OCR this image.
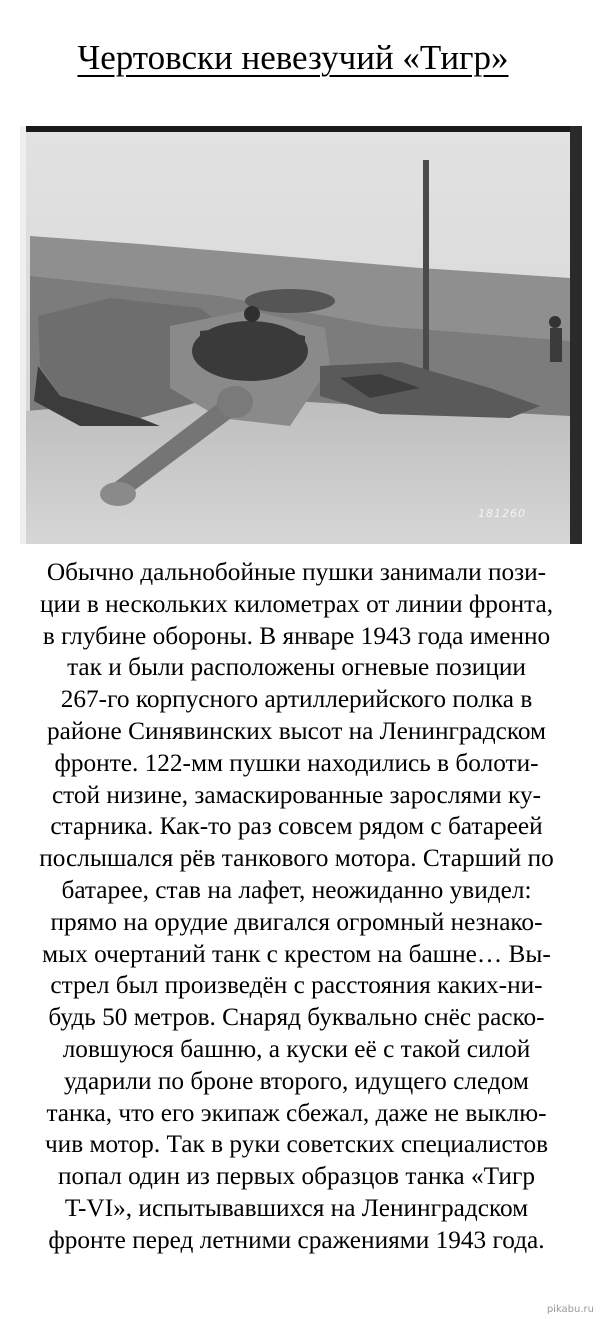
Чертовски невезучий «Тигр»
181260

Обычно дальнобойные пушки занимали пози-
ции в нескольких километрах от линии фронта,
в глубине обороны. В январе 1943 года именно
так и были расположены огневые позиции
267-го корпусного артиллерийского полка в
районе Синявинских высот на Ленинградском
фронте. 122-мм пушки находились в болоти-
стой низине, замаскированные зарослями ку-
старника. Как-то раз совсем рядом с батареей
послышался рёв танкового мотора. Старший по
батарее, став на лафет, неожиданно увидел:
прямо на орудие двигался огромный незнако-
мых очертаний танк с крестом на башне… Вы-
стрел был произведён с расстояния каких-ни-
будь 50 метров. Снаряд буквально снёс раско-
ловшуюся башню, а куски её с такой силой
ударили по броне второго, идущего следом
танка, что его экипаж сбежал, даже не выклю-
чив мотор. Так в руки советских специалистов
попал один из первых образцов танка «Тигр
T-VI», испытывавшихся на Ленинградском
фронте перед летними сражениями 1943 года.

pikabu.ru
